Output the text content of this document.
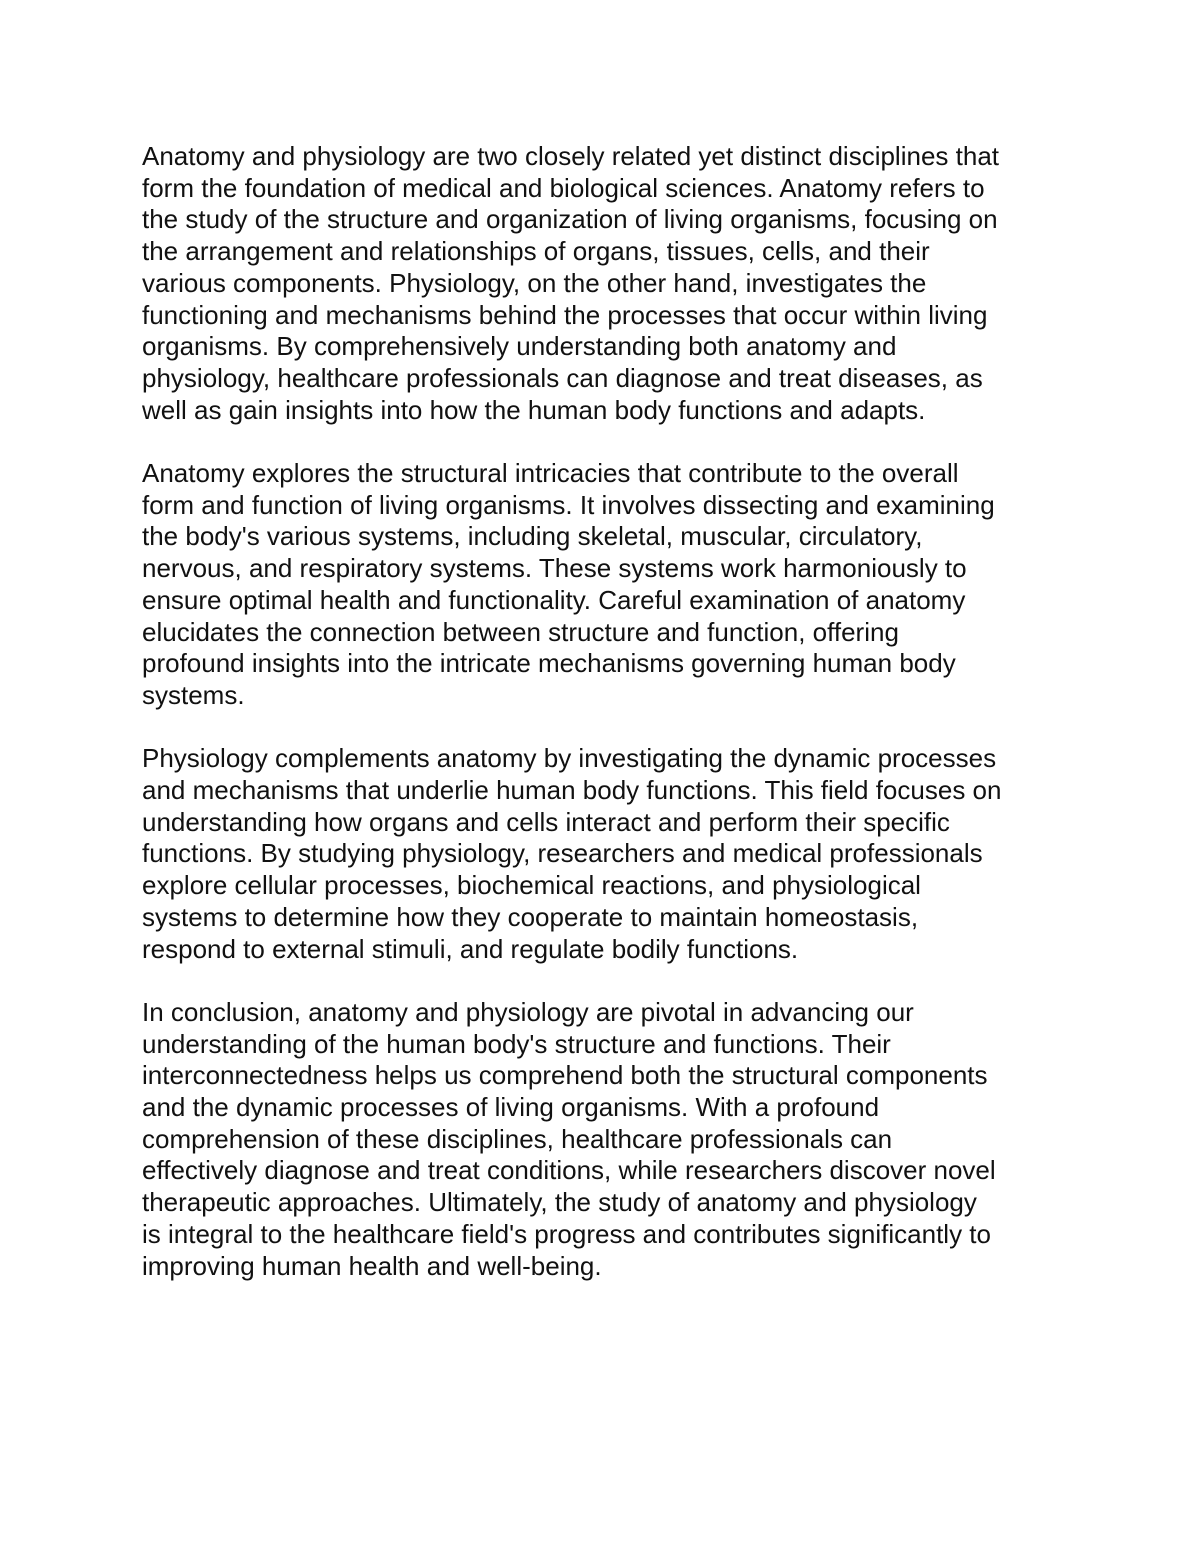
Anatomy and physiology are two closely related yet distinct disciplines that
form the foundation of medical and biological sciences. Anatomy refers to
the study of the structure and organization of living organisms, focusing on
the arrangement and relationships of organs, tissues, cells, and their
various components. Physiology, on the other hand, investigates the
functioning and mechanisms behind the processes that occur within living
organisms. By comprehensively understanding both anatomy and
physiology, healthcare professionals can diagnose and treat diseases, as
well as gain insights into how the human body functions and adapts.
Anatomy explores the structural intricacies that contribute to the overall
form and function of living organisms. It involves dissecting and examining
the body's various systems, including skeletal, muscular, circulatory,
nervous, and respiratory systems. These systems work harmoniously to
ensure optimal health and functionality. Careful examination of anatomy
elucidates the connection between structure and function, offering
profound insights into the intricate mechanisms governing human body
systems.
Physiology complements anatomy by investigating the dynamic processes
and mechanisms that underlie human body functions. This field focuses on
understanding how organs and cells interact and perform their specific
functions. By studying physiology, researchers and medical professionals
explore cellular processes, biochemical reactions, and physiological
systems to determine how they cooperate to maintain homeostasis,
respond to external stimuli, and regulate bodily functions.
In conclusion, anatomy and physiology are pivotal in advancing our
understanding of the human body's structure and functions. Their
interconnectedness helps us comprehend both the structural components
and the dynamic processes of living organisms. With a profound
comprehension of these disciplines, healthcare professionals can
effectively diagnose and treat conditions, while researchers discover novel
therapeutic approaches. Ultimately, the study of anatomy and physiology
is integral to the healthcare field's progress and contributes significantly to
improving human health and well-being.
